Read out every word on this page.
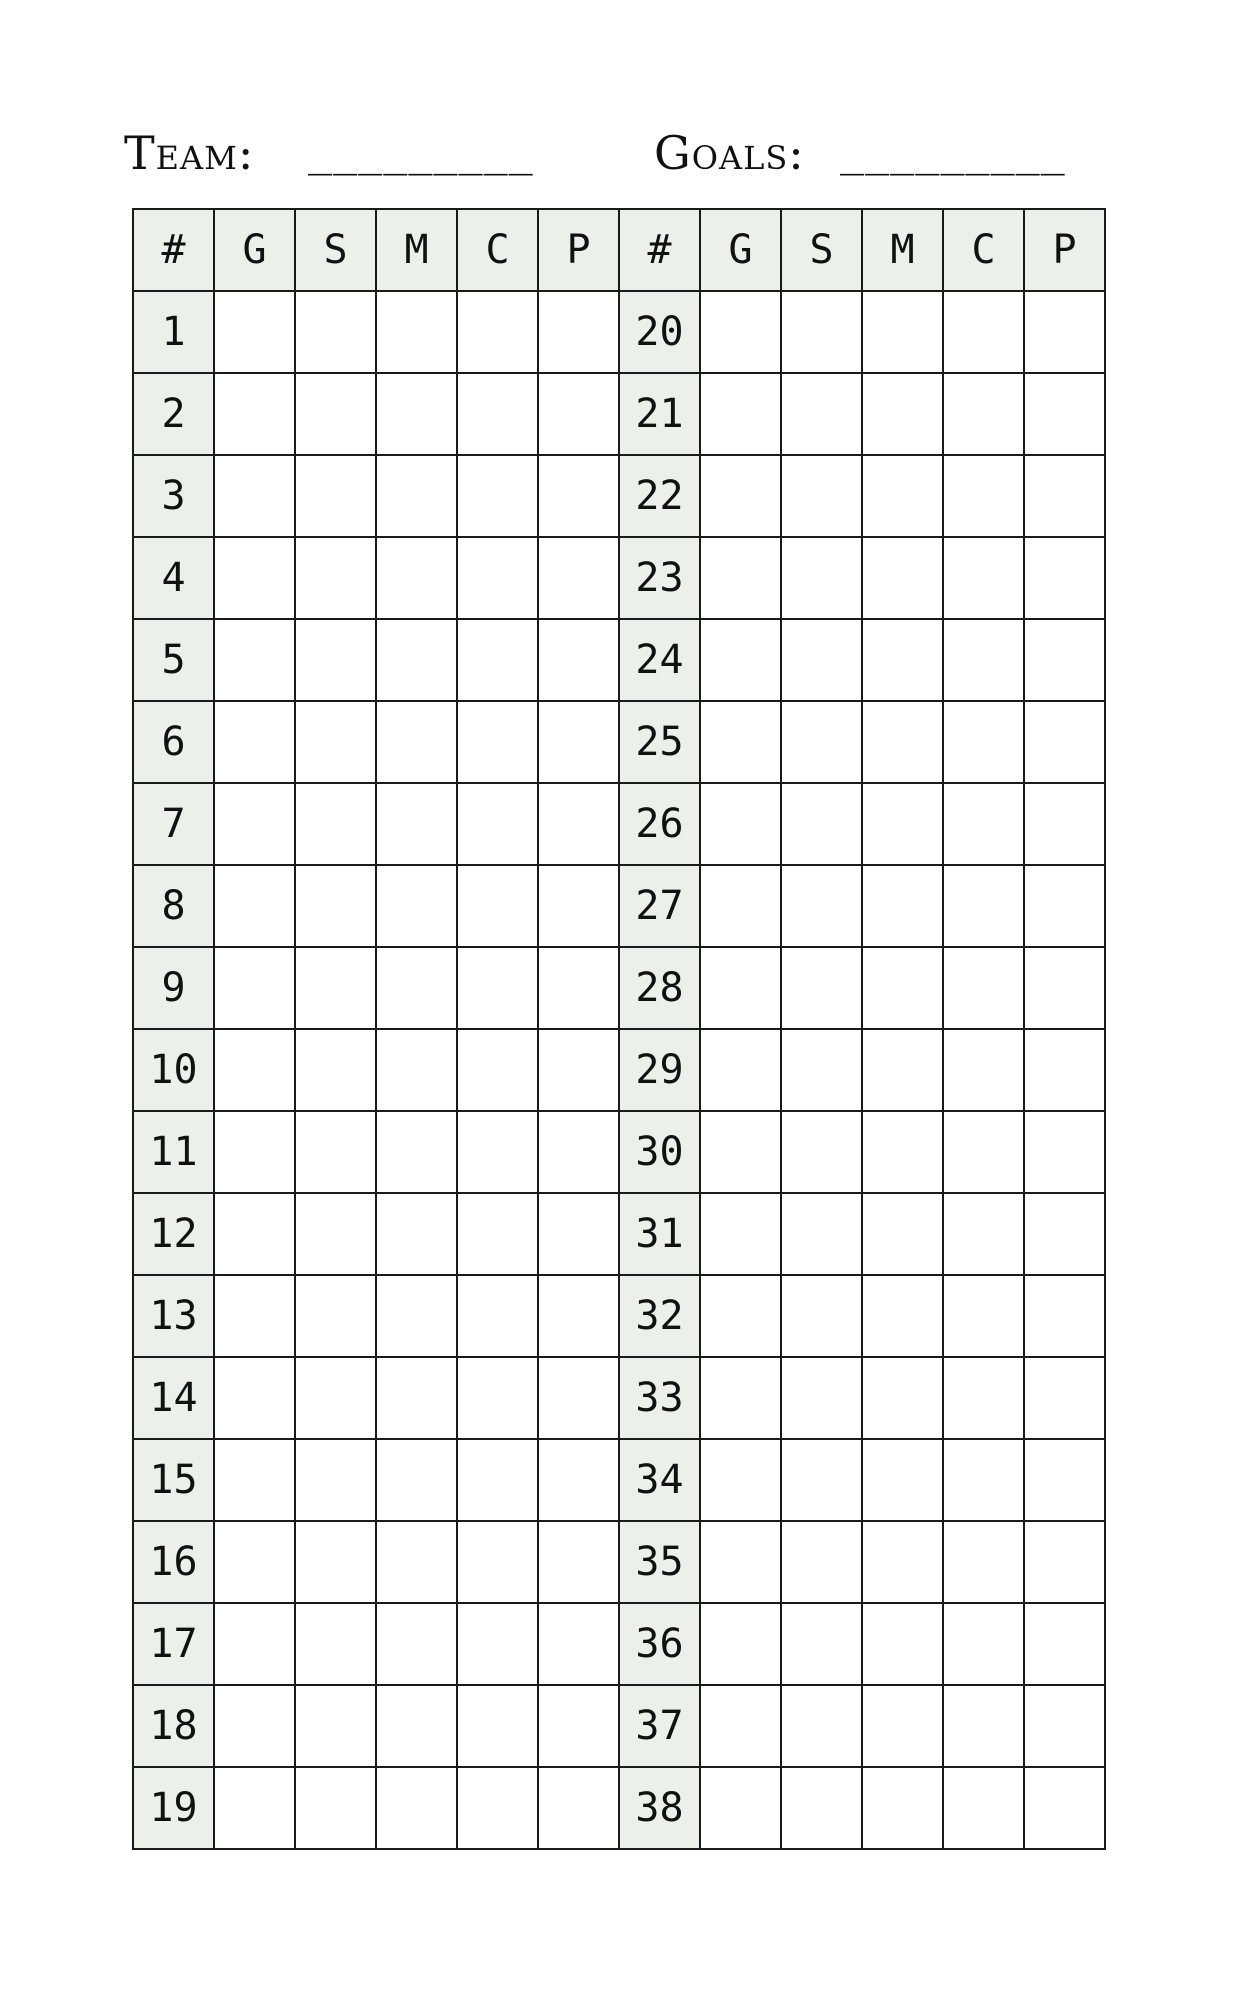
Team: _________	Goals: _________
#	G	S	M	C	P	#	G	S	M	C	P
1						20					
2						21					
3						22					
4						23					
5						24					
6						25					
7						26					
8						27					
9						28					
10						29					
11						30					
12						31					
13						32					
14						33					
15						34					
16						35					
17						36					
18						37					
19						38					
